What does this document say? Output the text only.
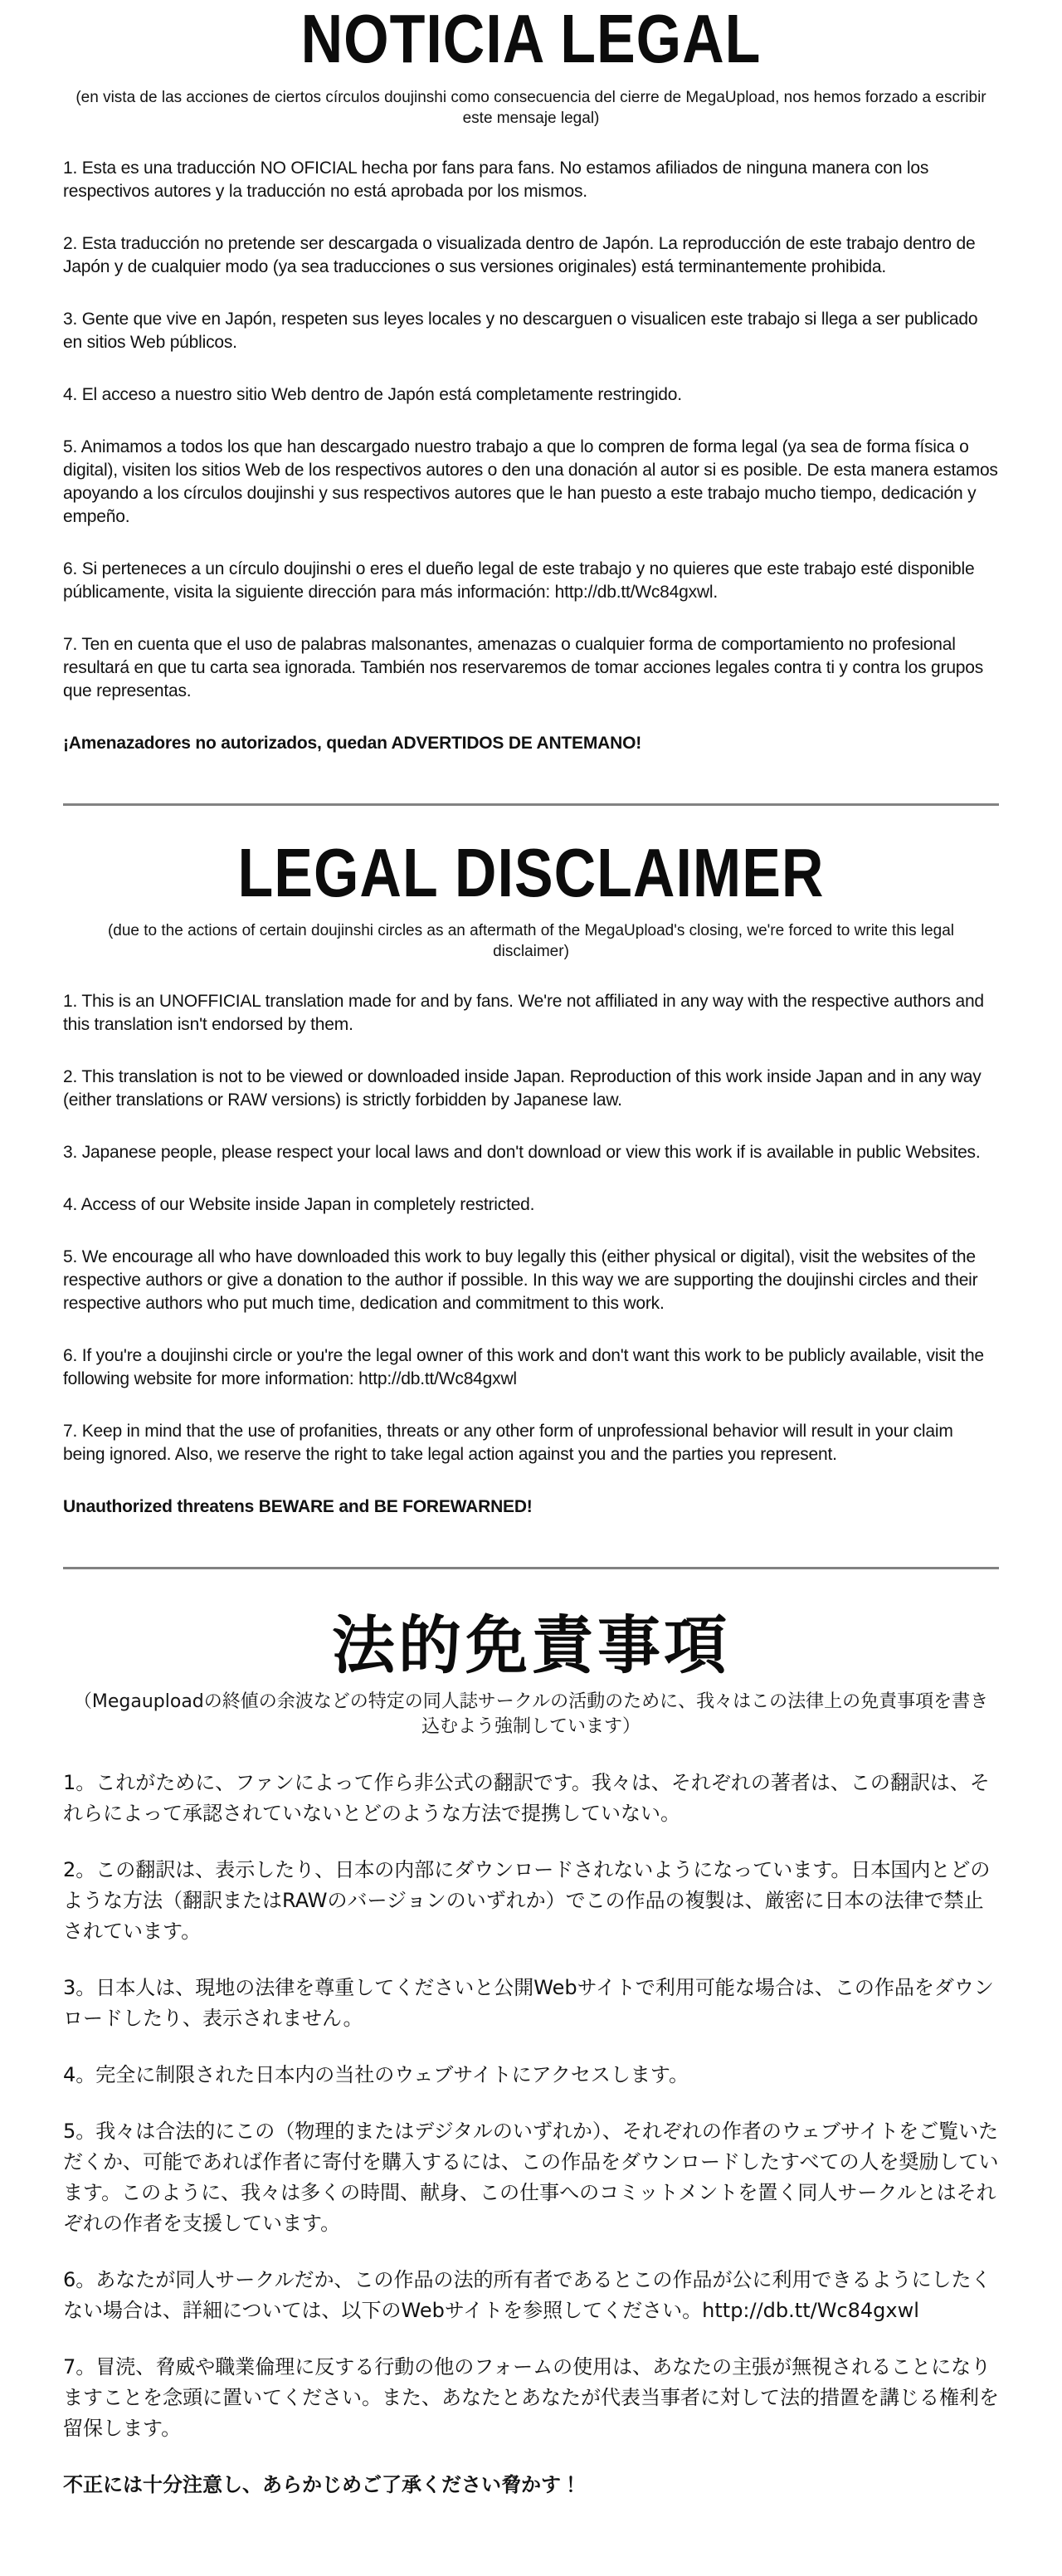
NOTICIA LEGAL
(en vista de las acciones de ciertos círculos doujinshi como consecuencia del cierre de MegaUpload, nos hemos forzado a escribir este mensaje legal)

1. Esta es una traducción NO OFICIAL hecha por fans para fans. No estamos afiliados de ninguna manera con los respectivos autores y la traducción no está aprobada por los mismos.

2. Esta traducción no pretende ser descargada o visualizada dentro de Japón. La reproducción de este trabajo dentro de Japón y de cualquier modo (ya sea traducciones o sus versiones originales) está terminantemente prohibida.

3. Gente que vive en Japón, respeten sus leyes locales y no descarguen o visualicen este trabajo si llega a ser publicado en sitios Web públicos.

4. El acceso a nuestro sitio Web dentro de Japón está completamente restringido.

5. Animamos a todos los que han descargado nuestro trabajo a que lo compren de forma legal (ya sea de forma física o digital), visiten los sitios Web de los respectivos autores o den una donación al autor si es posible. De esta manera estamos apoyando a los círculos doujinshi y sus respectivos autores que le han puesto a este trabajo mucho tiempo, dedicación y empeño.

6. Si perteneces a un círculo doujinshi o eres el dueño legal de este trabajo y no quieres que este trabajo esté disponible públicamente, visita la siguiente dirección para más información: http://db.tt/Wc84gxwl.

7. Ten en cuenta que el uso de palabras malsonantes, amenazas o cualquier forma de comportamiento no profesional resultará en que tu carta sea ignorada. También nos reservaremos de tomar acciones legales contra ti y contra los grupos que representas.

¡Amenazadores no autorizados, quedan ADVERTIDOS DE ANTEMANO!

LEGAL DISCLAIMER
(due to the actions of certain doujinshi circles as an aftermath of the MegaUpload's closing, we're forced to write this legal disclaimer)

1. This is an UNOFFICIAL translation made for and by fans. We're not affiliated in any way with the respective authors and this translation isn't endorsed by them.

2. This translation is not to be viewed or downloaded inside Japan. Reproduction of this work inside Japan and in any way (either translations or RAW versions) is strictly forbidden by Japanese law.

3. Japanese people, please respect your local laws and don't download or view this work if is available in public Websites.

4. Access of our Website inside Japan in completely restricted.

5. We encourage all who have downloaded this work to buy legally this (either physical or digital), visit the websites of the respective authors or give a donation to the author if possible. In this way we are supporting the doujinshi circles and their respective authors who put much time, dedication and commitment to this work.

6. If you're a doujinshi circle or you're the legal owner of this work and don't want this work to be publicly available, visit the following website for more information: http://db.tt/Wc84gxwl

7. Keep in mind that the use of profanities, threats or any other form of unprofessional behavior will result in your claim being ignored. Also, we reserve the right to take legal action against you and the parties you represent.

Unauthorized threatens BEWARE and BE FOREWARNED!

法的免責事項
（Megauploadの終値の余波などの特定の同人誌サークルの活動のために、我々はこの法律上の免責事項を書き込むよう強制しています）

1。これがために、ファンによって作ら非公式の翻訳です。我々は、それぞれの著者は、この翻訳は、それらによって承認されていないとどのような方法で提携していない。

2。この翻訳は、表示したり、日本の内部にダウンロードされないようになっています。日本国内とどのような方法（翻訳またはRAWのバージョンのいずれか）でこの作品の複製は、厳密に日本の法律で禁止されています。

3。日本人は、現地の法律を尊重してくださいと公開Webサイトで利用可能な場合は、この作品をダウンロードしたり、表示されません。

4。完全に制限された日本内の当社のウェブサイトにアクセスします。

5。我々は合法的にこの（物理的またはデジタルのいずれか）、それぞれの作者のウェブサイトをご覧いただくか、可能であれば作者に寄付を購入するには、この作品をダウンロードしたすべての人を奨励しています。このように、我々は多くの時間、献身、この仕事へのコミットメントを置く同人サークルとはそれぞれの作者を支援しています。

6。あなたが同人サークルだか、この作品の法的所有者であるとこの作品が公に利用できるようにしたくない場合は、詳細については、以下のWebサイトを参照してください。http://db.tt/Wc84gxwl

7。冒涜、脅威や職業倫理に反する行動の他のフォームの使用は、あなたの主張が無視されることになりますことを念頭に置いてください。また、あなたとあなたが代表当事者に対して法的措置を講じる権利を留保します。

不正には十分注意し、あらかじめご了承ください脅かす！
